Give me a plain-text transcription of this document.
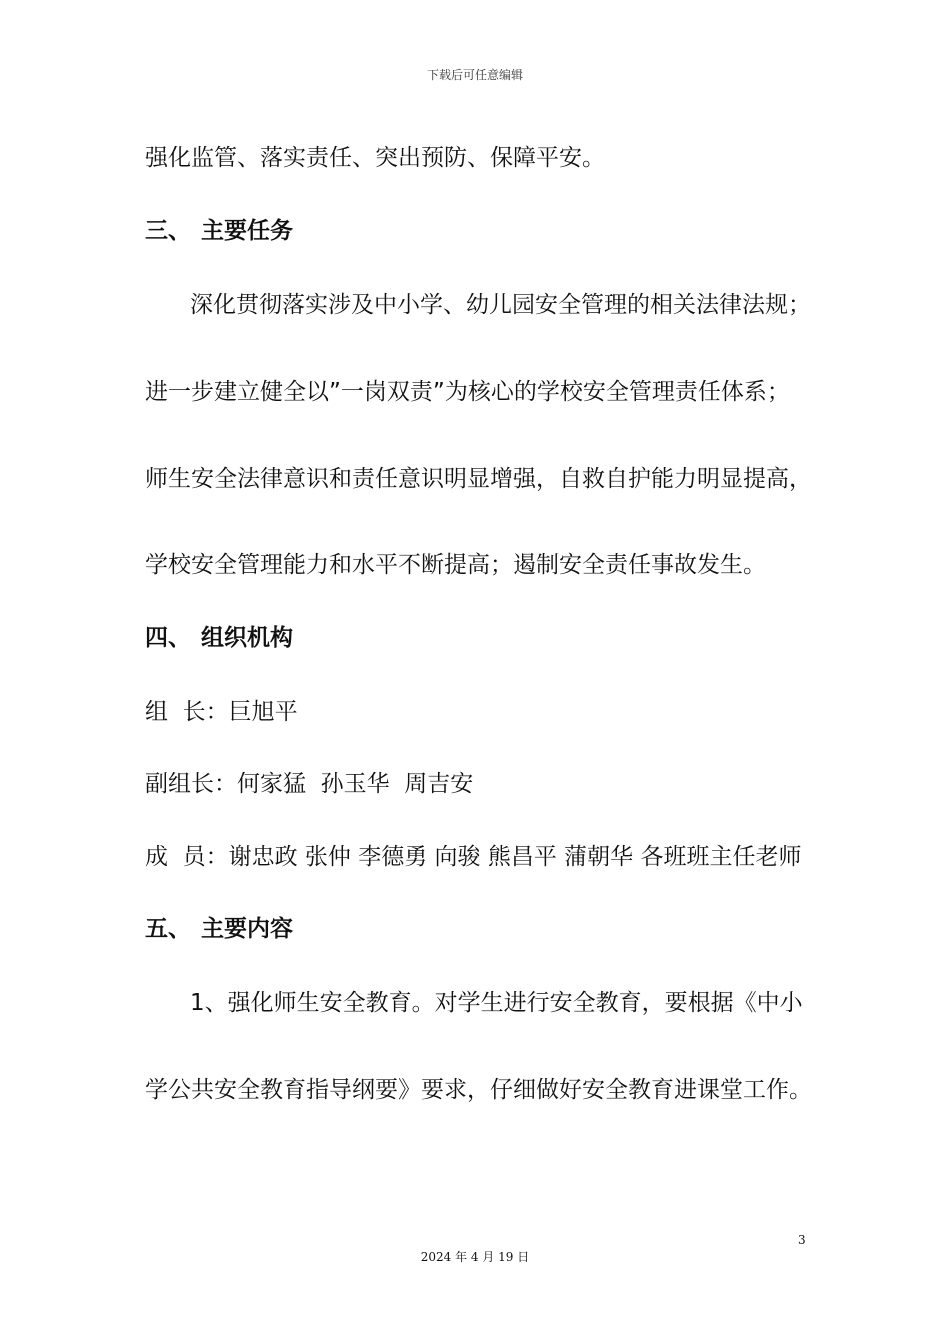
下载后可任意编辑
强化监管、落实责任、突出预防、保障平安。
三、 主要任务
深化贯彻落实涉及中小学、幼儿园安全管理的相关法律法规；
进一步建立健全以”一岗双责”为核心的学校安全管理责任体系；
师生安全法律意识和责任意识明显增强，自救自护能力明显提高，
学校安全管理能力和水平不断提高；遏制安全责任事故发生。
四、 组织机构
组  长：巨旭平
副组长：何家猛  孙玉华  周吉安
成  员：谢忠政 张仲 李德勇 向骏 熊昌平 蒲朝华 各班班主任老师
五、 主要内容
1、强化师生安全教育。对学生进行安全教育，要根据《中小
学公共安全教育指导纲要》要求，仔细做好安全教育进课堂工作。
3
2024 年 4 月 19 日
